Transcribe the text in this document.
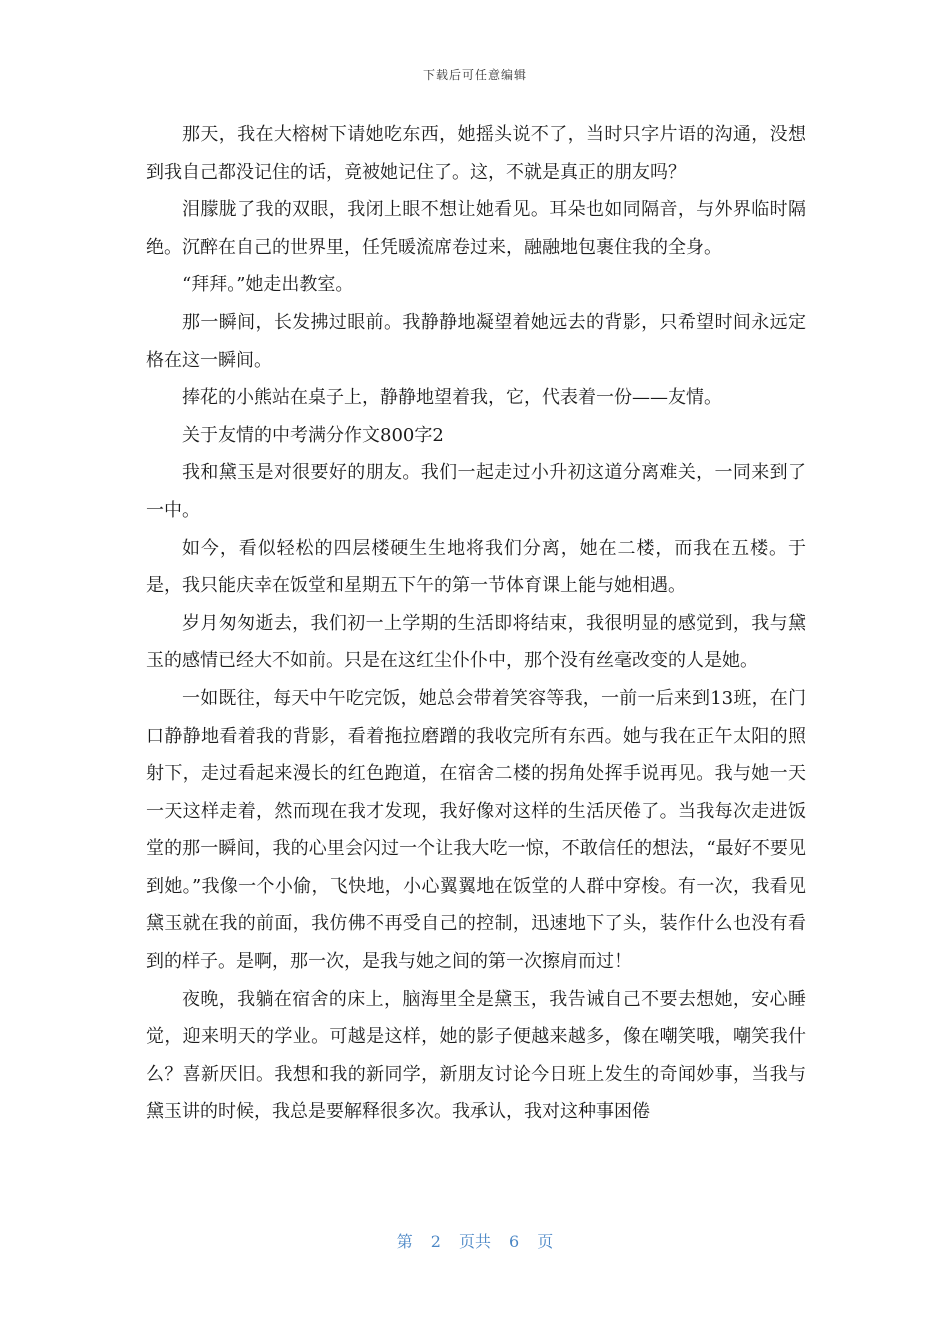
下载后可任意编辑

那天，我在大榕树下请她吃东西，她摇头说不了，当时只字片语的沟通，没想到我自己都没记住的话，竟被她记住了。这，不就是真正的朋友吗？

泪朦胧了我的双眼，我闭上眼不想让她看见。耳朵也如同隔音，与外界临时隔绝。沉醉在自己的世界里，任凭暖流席卷过来，融融地包裹住我的全身。

“拜拜。”她走出教室。

那一瞬间，长发拂过眼前。我静静地凝望着她远去的背影，只希望时间永远定格在这一瞬间。

捧花的小熊站在桌子上，静静地望着我，它，代表着一份——友情。

关于友情的中考满分作文800字2

我和黛玉是对很要好的朋友。我们一起走过小升初这道分离难关，一同来到了一中。

如今，看似轻松的四层楼硬生生地将我们分离，她在二楼，而我在五楼。于是，我只能庆幸在饭堂和星期五下午的第一节体育课上能与她相遇。

岁月匆匆逝去，我们初一上学期的生活即将结束，我很明显的感觉到，我与黛玉的感情已经大不如前。只是在这红尘仆仆中，那个没有丝毫改变的人是她。

一如既往，每天中午吃完饭，她总会带着笑容等我，一前一后来到13班，在门口静静地看着我的背影，看着拖拉磨蹭的我收完所有东西。她与我在正午太阳的照射下，走过看起来漫长的红色跑道，在宿舍二楼的拐角处挥手说再见。我与她一天一天这样走着，然而现在我才发现，我好像对这样的生活厌倦了。当我每次走进饭堂的那一瞬间，我的心里会闪过一个让我大吃一惊，不敢信任的想法，“最好不要见到她。”我像一个小偷，飞快地，小心翼翼地在饭堂的人群中穿梭。有一次，我看见黛玉就在我的前面，我仿佛不再受自己的控制，迅速地下了头，装作什么也没有看到的样子。是啊，那一次，是我与她之间的第一次擦肩而过！

夜晚，我躺在宿舍的床上，脑海里全是黛玉，我告诫自己不要去想她，安心睡觉，迎来明天的学业。可越是这样，她的影子便越来越多，像在嘲笑哦，嘲笑我什么？喜新厌旧。我想和我的新同学，新朋友讨论今日班上发生的奇闻妙事，当我与黛玉讲的时候，我总是要解释很多次。我承认，我对这种事困倦

第 2 页共 6 页
